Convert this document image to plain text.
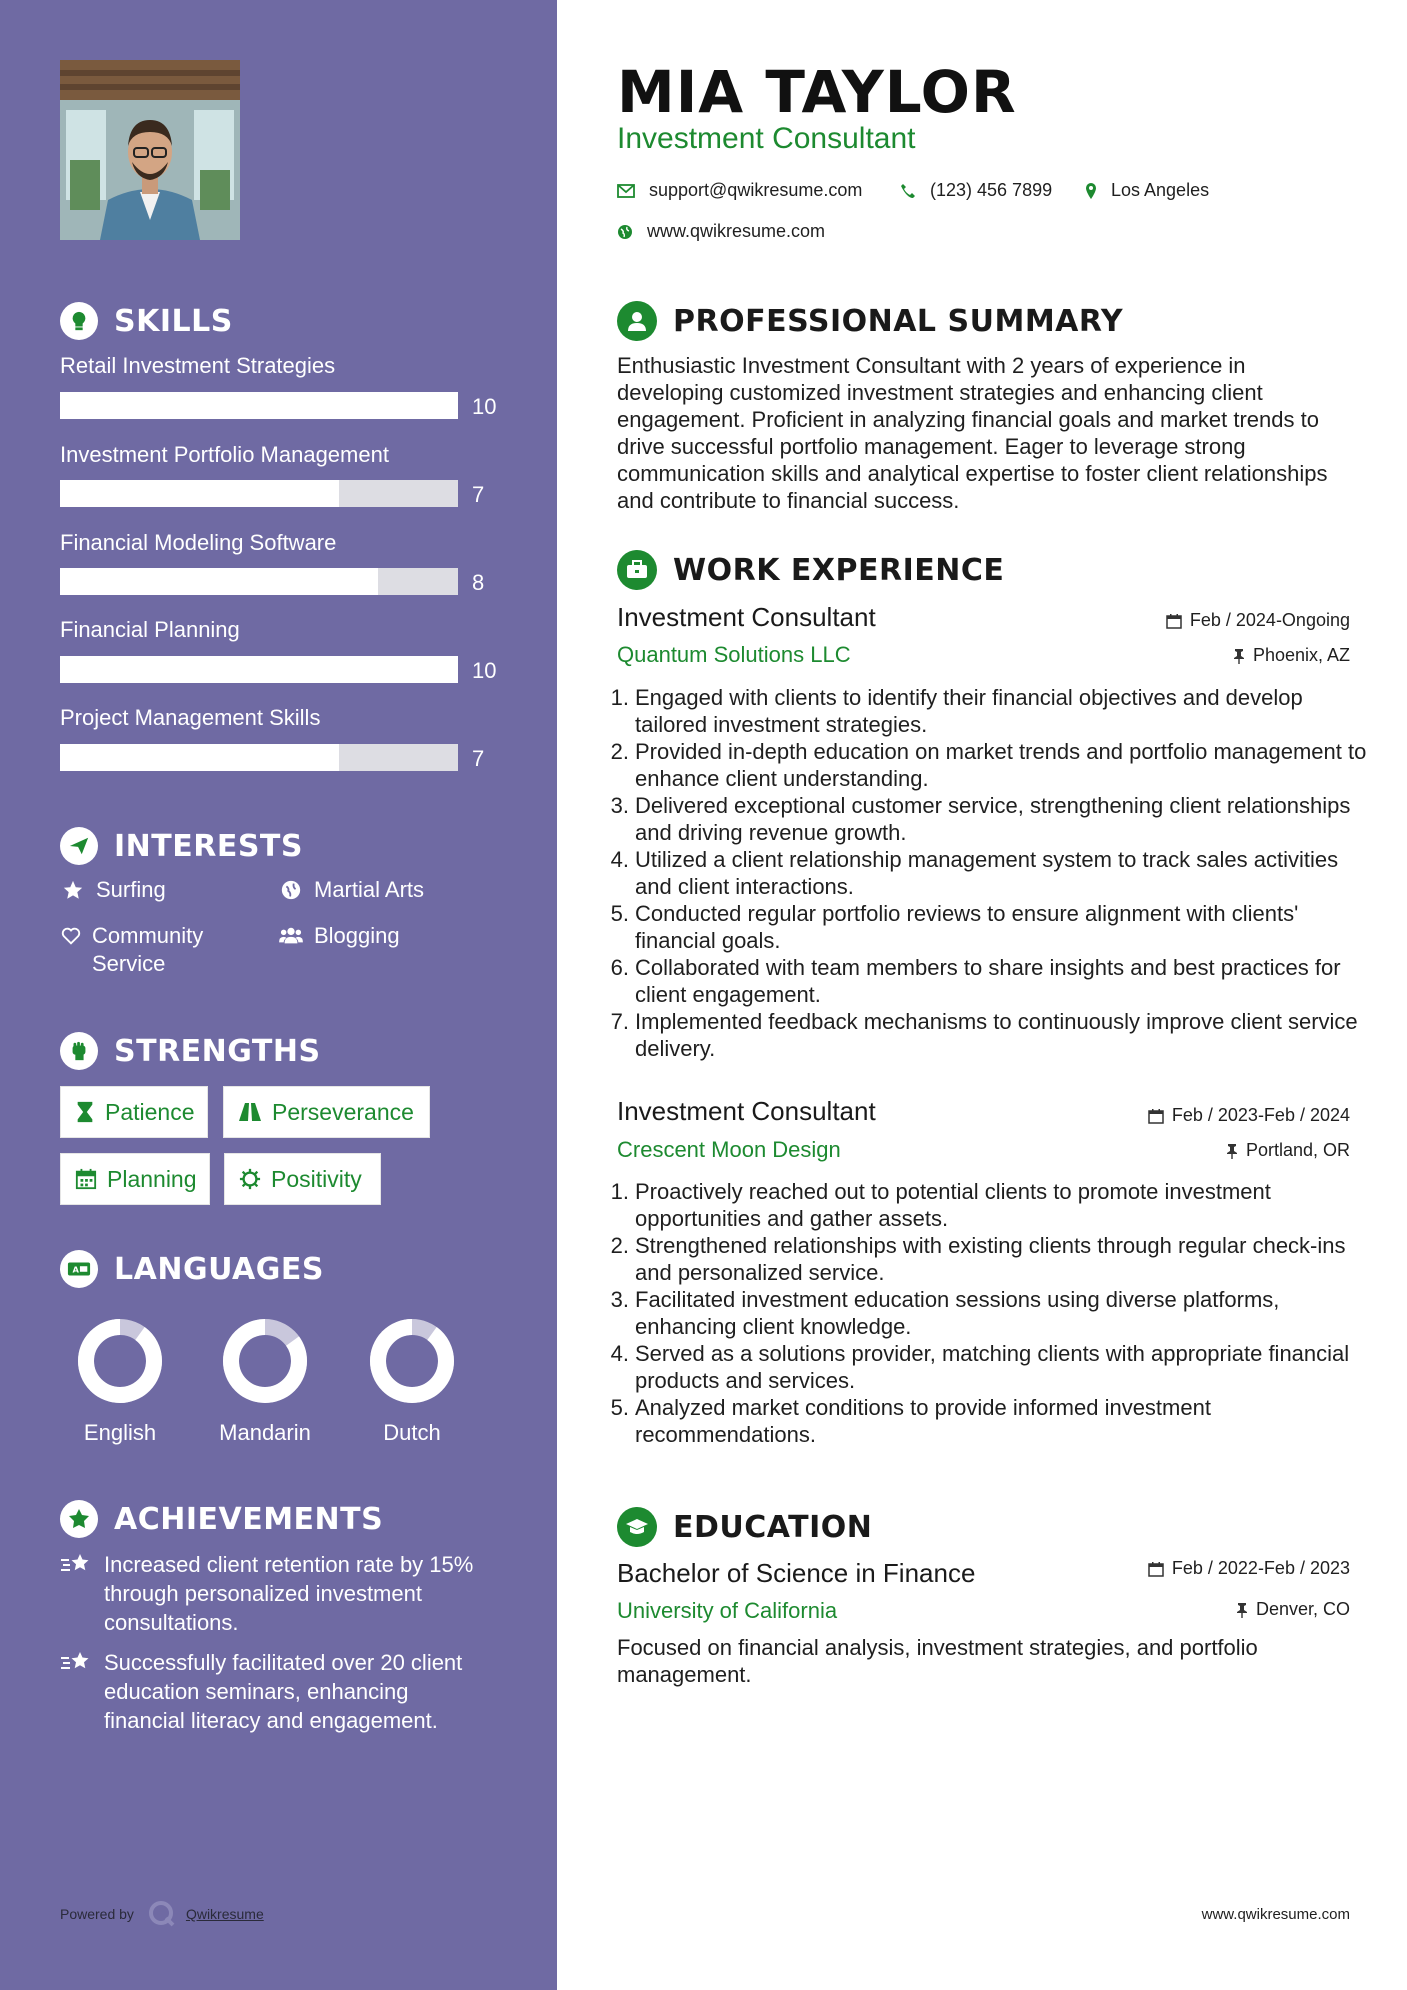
SKILLS
Retail Investment Strategies
10
Investment Portfolio Management
7
Financial Modeling Software
8
Financial Planning
10
Project Management Skills
7
INTERESTS
Surfing	Martial Arts
Community Service
Blogging
STRENGTHS
Patience	Perseverance
Planning	Positivity
A LANGUAGES
English	Mandarin	Dutch
ACHIEVEMENTS
Increased client retention rate by 15% through personalized investment consultations.
Successfully facilitated over 20 client education seminars, enhancing financial literacy and engagement.
Powered by	Qwikresume
MIA TAYLOR
Investment Consultant
support@qwikresume.com	(123) 456 7899	Los Angeles
www.qwikresume.com
PROFESSIONAL SUMMARY
Enthusiastic Investment Consultant with 2 years of experience in developing customized investment strategies and enhancing client engagement. Proficient in analyzing financial goals and market trends to drive successful portfolio management. Eager to leverage strong communication skills and analytical expertise to foster client relationships and contribute to financial success.
WORK EXPERIENCE
Investment Consultant	Feb / 2024-Ongoing
Quantum Solutions LLC	Phoenix, AZ
1. Engaged with clients to identify their financial objectives and develop tailored investment strategies.
2. Provided in-depth education on market trends and portfolio management to enhance client understanding.
3. Delivered exceptional customer service, strengthening client relationships and driving revenue growth.
4. Utilized a client relationship management system to track sales activities and client interactions.
5. Conducted regular portfolio reviews to ensure alignment with clients' financial goals.
6. Collaborated with team members to share insights and best practices for client engagement.
7. Implemented feedback mechanisms to continuously improve client service delivery.
Investment Consultant	Feb / 2023-Feb / 2024
Crescent Moon Design	Portland, OR
1. Proactively reached out to potential clients to promote investment opportunities and gather assets.
2. Strengthened relationships with existing clients through regular check-ins and personalized service.
3. Facilitated investment education sessions using diverse platforms, enhancing client knowledge.
4. Served as a solutions provider, matching clients with appropriate financial products and services.
5. Analyzed market conditions to provide informed investment recommendations.
EDUCATION
Bachelor of Science in Finance	Feb / 2022-Feb / 2023
University of California	Denver, CO
Focused on financial analysis, investment strategies, and portfolio management.
www.qwikresume.com
